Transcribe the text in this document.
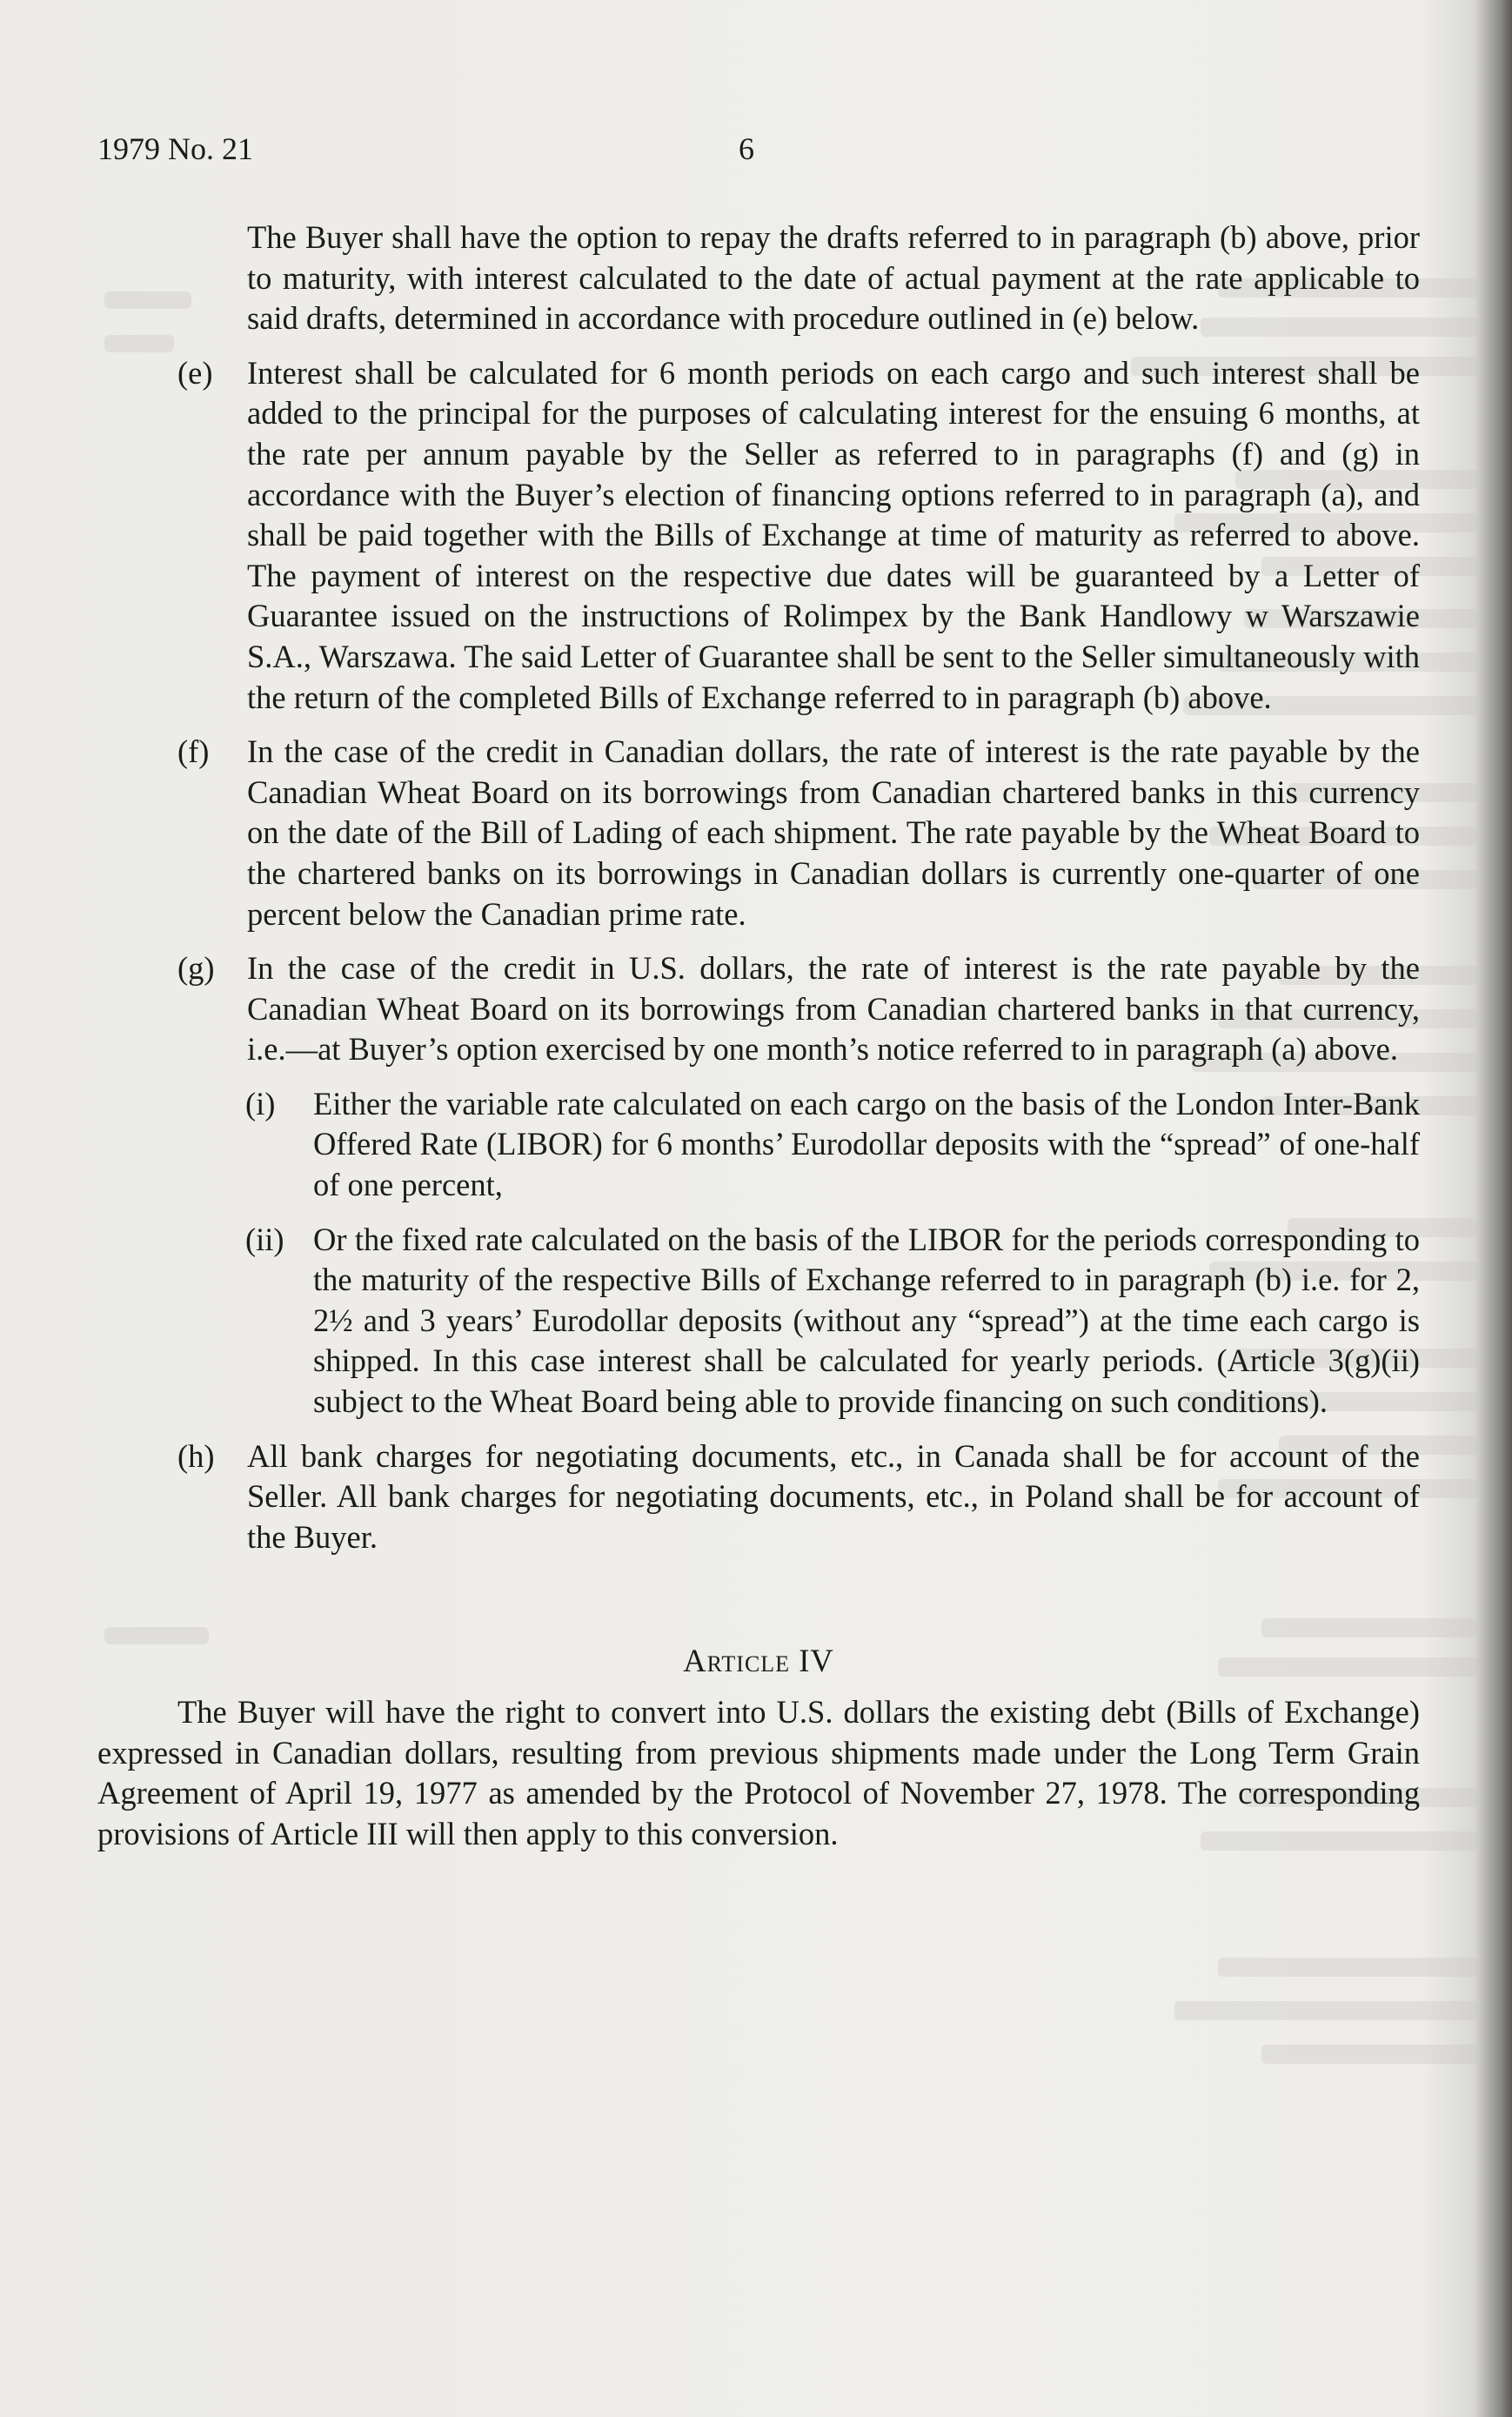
1979 No. 21	6

The Buyer shall have the option to repay the drafts referred to in paragraph (b) above, prior to maturity, with interest calculated to the date of actual payment at the rate applicable to said drafts, determined in accordance with procedure outlined in (e) below.

(e) Interest shall be calculated for 6 month periods on each cargo and such interest shall be added to the principal for the purposes of calculating interest for the ensuing 6 months, at the rate per annum payable by the Seller as referred to in paragraphs (f) and (g) in accordance with the Buyer’s election of financing options referred to in paragraph (a), and shall be paid together with the Bills of Exchange at time of maturity as referred to above. The payment of interest on the respective due dates will be guaranteed by a Letter of Guarantee issued on the instructions of Rolimpex by the Bank Handlowy w Warszawie S.A., Warszawa. The said Letter of Guarantee shall be sent to the Seller simultaneously with the return of the completed Bills of Exchange referred to in paragraph (b) above.

(f) In the case of the credit in Canadian dollars, the rate of interest is the rate payable by the Canadian Wheat Board on its borrowings from Canadian chartered banks in this currency on the date of the Bill of Lading of each shipment. The rate payable by the Wheat Board to the chartered banks on its borrowings in Canadian dollars is currently one-quarter of one percent below the Canadian prime rate.

(g) In the case of the credit in U.S. dollars, the rate of interest is the rate payable by the Canadian Wheat Board on its borrowings from Canadian chartered banks in that currency, i.e.—at Buyer’s option exercised by one month’s notice referred to in paragraph (a) above.

(i) Either the variable rate calculated on each cargo on the basis of the London Inter-Bank Offered Rate (LIBOR) for 6 months’ Eurodollar deposits with the “spread” of one-half of one percent,

(ii) Or the fixed rate calculated on the basis of the LIBOR for the periods corresponding to the maturity of the respective Bills of Exchange referred to in paragraph (b) i.e. for 2, 2½ and 3 years’ Eurodollar deposits (without any “spread”) at the time each cargo is shipped. In this case interest shall be calculated for yearly periods. (Article 3(g)(ii) subject to the Wheat Board being able to provide financing on such conditions).

(h) All bank charges for negotiating documents, etc., in Canada shall be for account of the Seller. All bank charges for negotiating documents, etc., in Poland shall be for account of the Buyer.

Article IV

The Buyer will have the right to convert into U.S. dollars the existing debt (Bills of Exchange) expressed in Canadian dollars, resulting from previous shipments made under the Long Term Grain Agreement of April 19, 1977 as amended by the Protocol of November 27, 1978. The corresponding provisions of Article III will then apply to this conversion.
